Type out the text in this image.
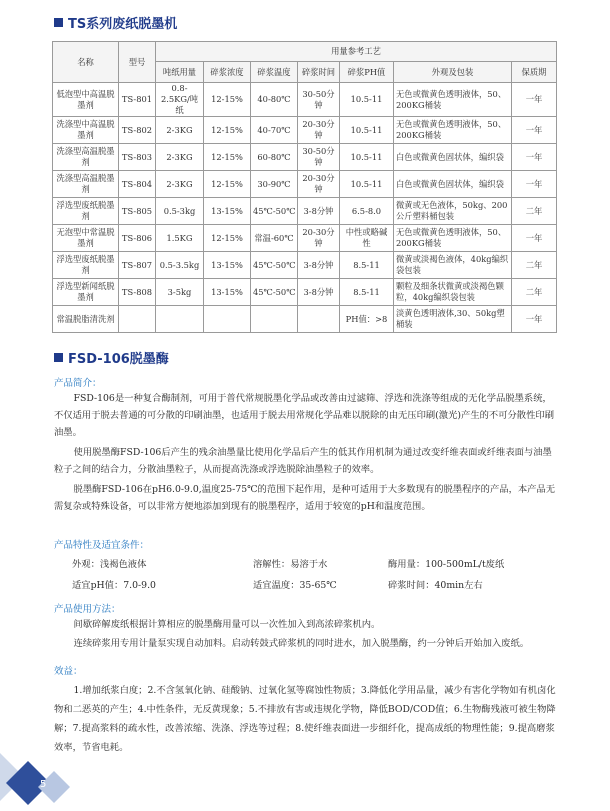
TS系列废纸脱墨机
名称	型号	用量参考工艺						
		吨纸用量	碎浆浓度	碎浆温度	碎浆时间	碎浆PH值	外观及包装	保质期
低泡型中高温脱墨剂	TS-801	0.8-2.5KG/吨纸	12-15%	40-80℃	30-50分钟	10.5-11	无色或微黄色透明液体，50、200KG桶装	一年
洗涤型中高温脱墨剂	TS-802	2-3KG	12-15%	40-70℃	20-30分钟	10.5-11	无色或微黄色透明液体，50、200KG桶装	一年
洗涤型高温脱墨剂	TS-803	2-3KG	12-15%	60-80℃	30-50分钟	10.5-11	白色或微黄色固状体，编织袋	一年
洗涤型高温脱墨剂	TS-804	2-3KG	12-15%	30-90℃	20-30分钟	10.5-11	白色或微黄色固状体，编织袋	一年
浮选型废纸脱墨剂	TS-805	0.5-3kg	13-15%	45℃-50℃	3-8分钟	6.5-8.0	微黄或无色液体，50kg、200公斤塑料桶包装	二年
无泡型中常温脱墨剂	TS-806	1.5KG	12-15%	常温-60℃	20-30分钟	中性或略碱性	无色或微黄色透明液体，50、200KG桶装	一年
浮选型废纸脱墨剂	TS-807	0.5-3.5kg	13-15%	45℃-50℃	3-8分钟	8.5-11	微黄或淡褐色液体，40kg编织袋包装	二年
浮选型新闻纸脱墨剂	TS-808	3-5kg	13-15%	45℃-50℃	3-8分钟	8.5-11	颗粒及细条状微黄或淡褐色颗粒，40kg编织袋包装	二年
常温脱脂清洗剂						PH值：>8	淡黄色透明液体,30、50kg塑桶装	一年
FSD-106脱墨酶
产品简介：

FSD-106是一种复合酶制剂，可用于普代常规脱墨化学品或改善由过滤筛、浮选和洗涤等组成的无化学品脱墨系统，不仅适用于脱去普通的可分散的印刷油墨，也适用于脱去用常规化学品难以脱除的由无压印刷(激光)产生的不可分散性印刷油墨。

使用脱墨酶FSD-106后产生的残余油墨量比使用化学品后产生的低其作用机制为通过改变纤维表面或纤维表面与油墨粒子之间的结合力，分散油墨粒子，从而提高洗涤或浮选脱除油墨粒子的效率。

脱墨酶FSD-106在pH6.0-9.0,温度25-75℃的范围下起作用，是种可适用于大多数现有的脱墨程序的产品，本产品无需复杂或特殊设备，可以非常方便地添加到现有的脱墨程序，适用于较宽的pH和温度范围。

产品特性及适宜条件：
外观：浅褐色液体	溶解性：易溶于水	酶用量：100-500mL/t废纸
适宜pH值：7.0-9.0	适宜温度：35-65℃	碎浆时间：40min左右
产品使用方法：

间歇碎解废纸根据计算相应的脱墨酶用量可以一次性加入到高浓碎浆机内。

连续碎浆用专用计量泵实现自动加料。启动转鼓式碎浆机的同时进水，加入脱墨酶，约一分钟后开始加入废纸。

效益：

1.增加纸浆白度；2.不含氢氧化钠、硅酸钠、过氧化氢等腐蚀性物质；3.降低化学用品量，减少有害化学物如有机卤化物和二恶英的产生；4.中性条件，无反黄现象；5.不排放有害或违规化学物，降低BOD/COD值；6.生物酶残液可被生物降解；7.提高浆料的疏水性，改善浓缩、洗涤、浮选等过程；8.使纤维表面进一步细纤化，提高成纸的物理性能；9.提高磨浆效率，节省电耗。

5
